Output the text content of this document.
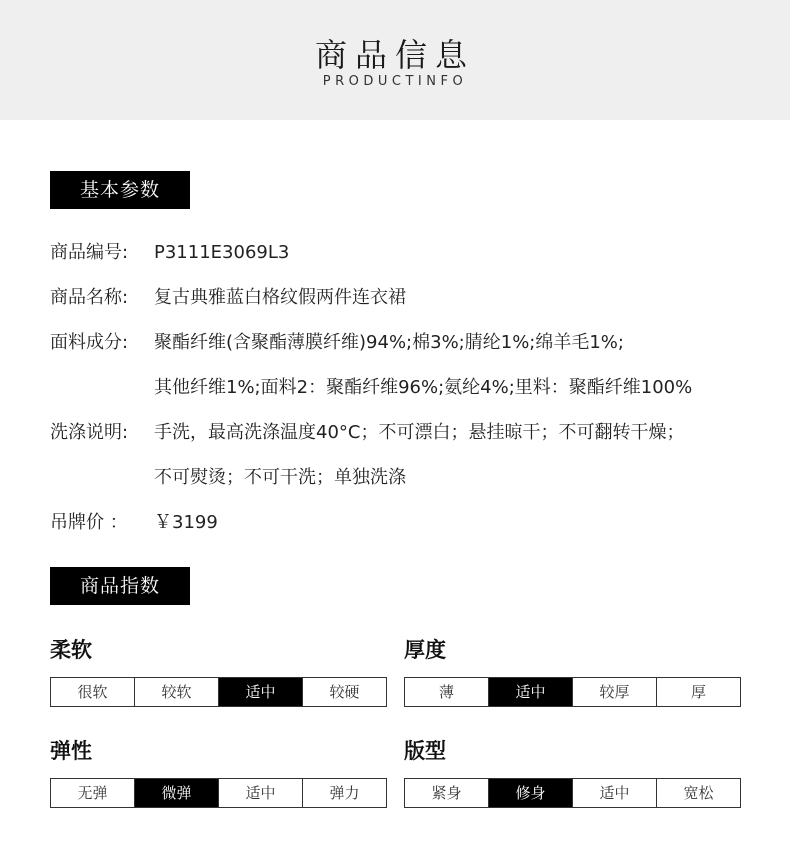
商品信息
PRODUCTINFO
基本参数
商品编号: P3111E3069L3
商品名称: 复古典雅蓝白格纹假两件连衣裙
面料成分: 聚酯纤维(含聚酯薄膜纤维)94%;棉3%;腈纶1%;绵羊毛1%;
其他纤维1%;面料2：聚酯纤维96%;氨纶4%;里料：聚酯纤维100%
洗涤说明: 手洗，最高洗涤温度40°C；不可漂白；悬挂晾干；不可翻转干燥；
不可熨烫；不可干洗；单独洗涤
吊牌价 ： ￥3199
商品指数
柔软
很软	较软	适中	较硬
厚度
薄	适中	较厚	厚
弹性
无弹	微弹	适中	弹力
版型
紧身	修身	适中	宽松
